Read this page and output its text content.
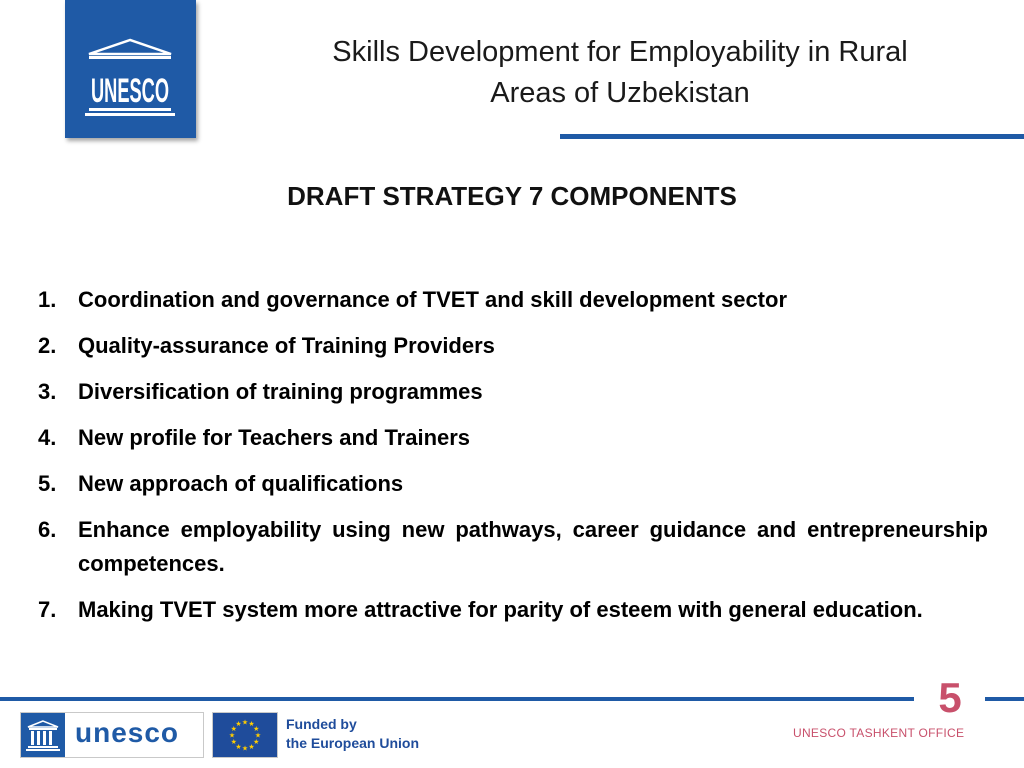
UNESCO
Skills Development for Employability in Rural
Areas of Uzbekistan
DRAFT STRATEGY 7 COMPONENTS
1. Coordination and governance of TVET and skill development sector
2. Quality-assurance of Training Providers
3. Diversification of training programmes
4. New profile for Teachers and Trainers
5. New approach of qualifications
6. Enhance employability using new pathways, career guidance and entrepreneurship competences.
7. Making TVET system more attractive for parity of esteem with general education.
5
UNESCO TASHKENT OFFICE
unesco	★
★
★
★
★
★
★
★
★ ★ ★
★ Funded by
the European Union
